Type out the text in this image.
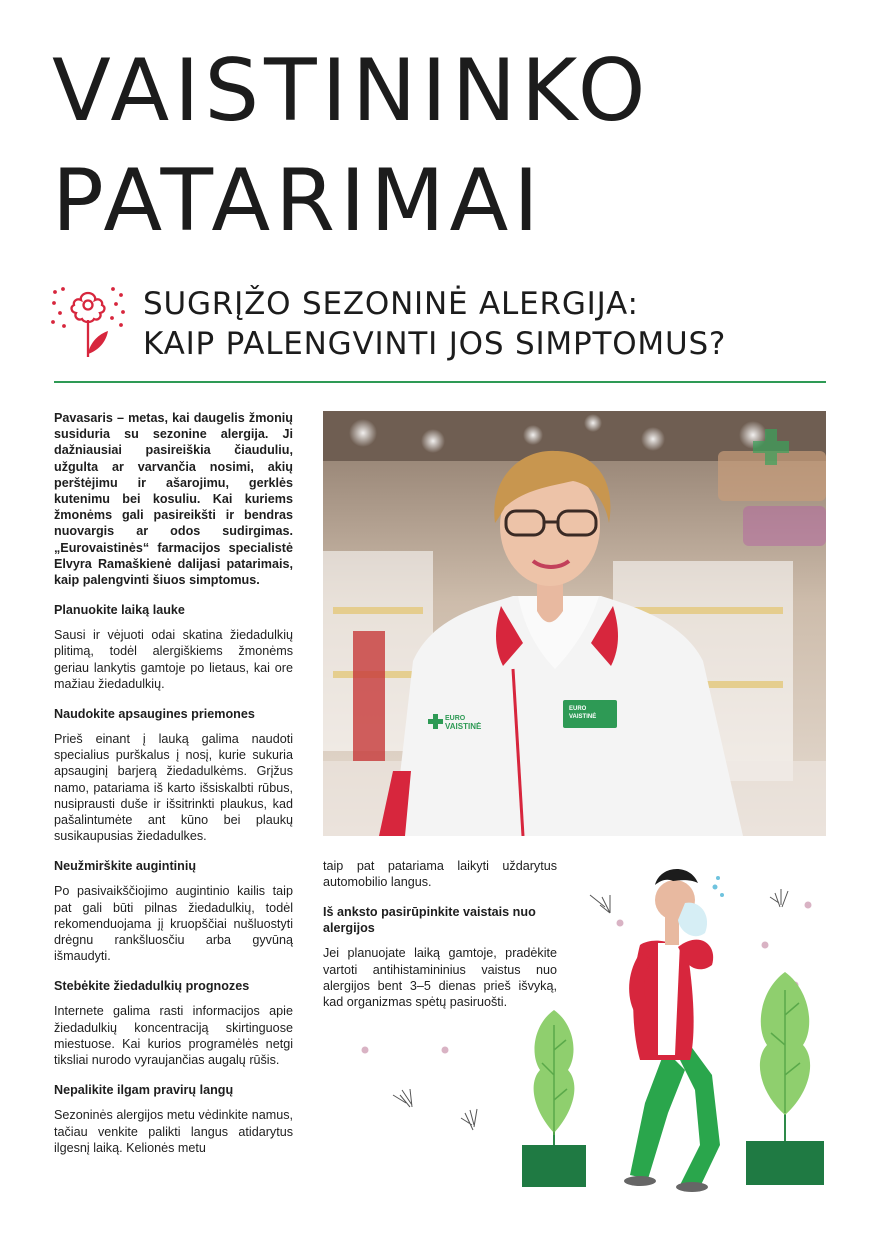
VAISTININKO
PATARIMAI
SUGRĮŽO SEZONINĖ ALERGIJA:
KAIP PALENGVINTI JOS SIMPTOMUS?

Pavasaris – metas, kai daugelis žmonių susiduria su sezonine alergija. Ji dažniausiai pasireiškia čiauduliu, užgulta ar varvančia nosimi, akių perštėjimu ir ašarojimu, gerklės kutenimu bei kosuliu. Kai kuriems žmonėms gali pasireikšti ir bendras nuovargis ar odos sudirgimas. „Eurovaistinės“ farmacijos specialistė Elvyra Ramaškienė dalijasi patarimais, kaip palengvinti šiuos simptomus.

Planuokite laiką lauke

Sausi ir vėjuoti odai skatina žiedadulkių plitimą, todėl alergiškiems žmonėms geriau lankytis gamtoje po lietaus, kai ore mažiau žiedadulkių.

Naudokite apsaugines priemones

Prieš einant į lauką galima naudoti specialius purškalus į nosį, kurie sukuria apsauginį barjerą žiedadulkėms. Grįžus namo, patariama iš karto išsiskalbti rūbus, nusiprausti duše ir išsitrinkti plaukus, kad pašalintumėte ant kūno bei plaukų susikaupusias žiedadulkes.

Neužmirškite augintinių

Po pasivaikščiojimo augintinio kailis taip pat gali būti pilnas žiedadulkių, todėl rekomenduojama jį kruopščiai nušluostyti drėgnu rankšluosčiu arba gyvūną išmaudyti.

Stebėkite žiedadulkių prognozes

Internete galima rasti informacijos apie žiedadulkių koncentraciją skirtinguose miestuose. Kai kurios programėlės netgi tiksliai nurodo vyraujančias augalų rūšis.

Nepalikite ilgam pravirų langų

Sezoninės alergijos metu vėdinkite namus, tačiau venkite palikti langus atidarytus ilgesnį laiką. Kelionės metu

EURO
VAISTINĖ
EURO
VAISTINĖ

taip pat patariama laikyti uždarytus automobilio langus.

Iš anksto pasirūpinkite vaistais nuo alergijos

Jei planuojate laiką gamtoje, pradėkite vartoti antihistamininius vaistus nuo alergijos bent 3–5 dienas prieš išvyką, kad organizmas spėtų pasiruošti.
